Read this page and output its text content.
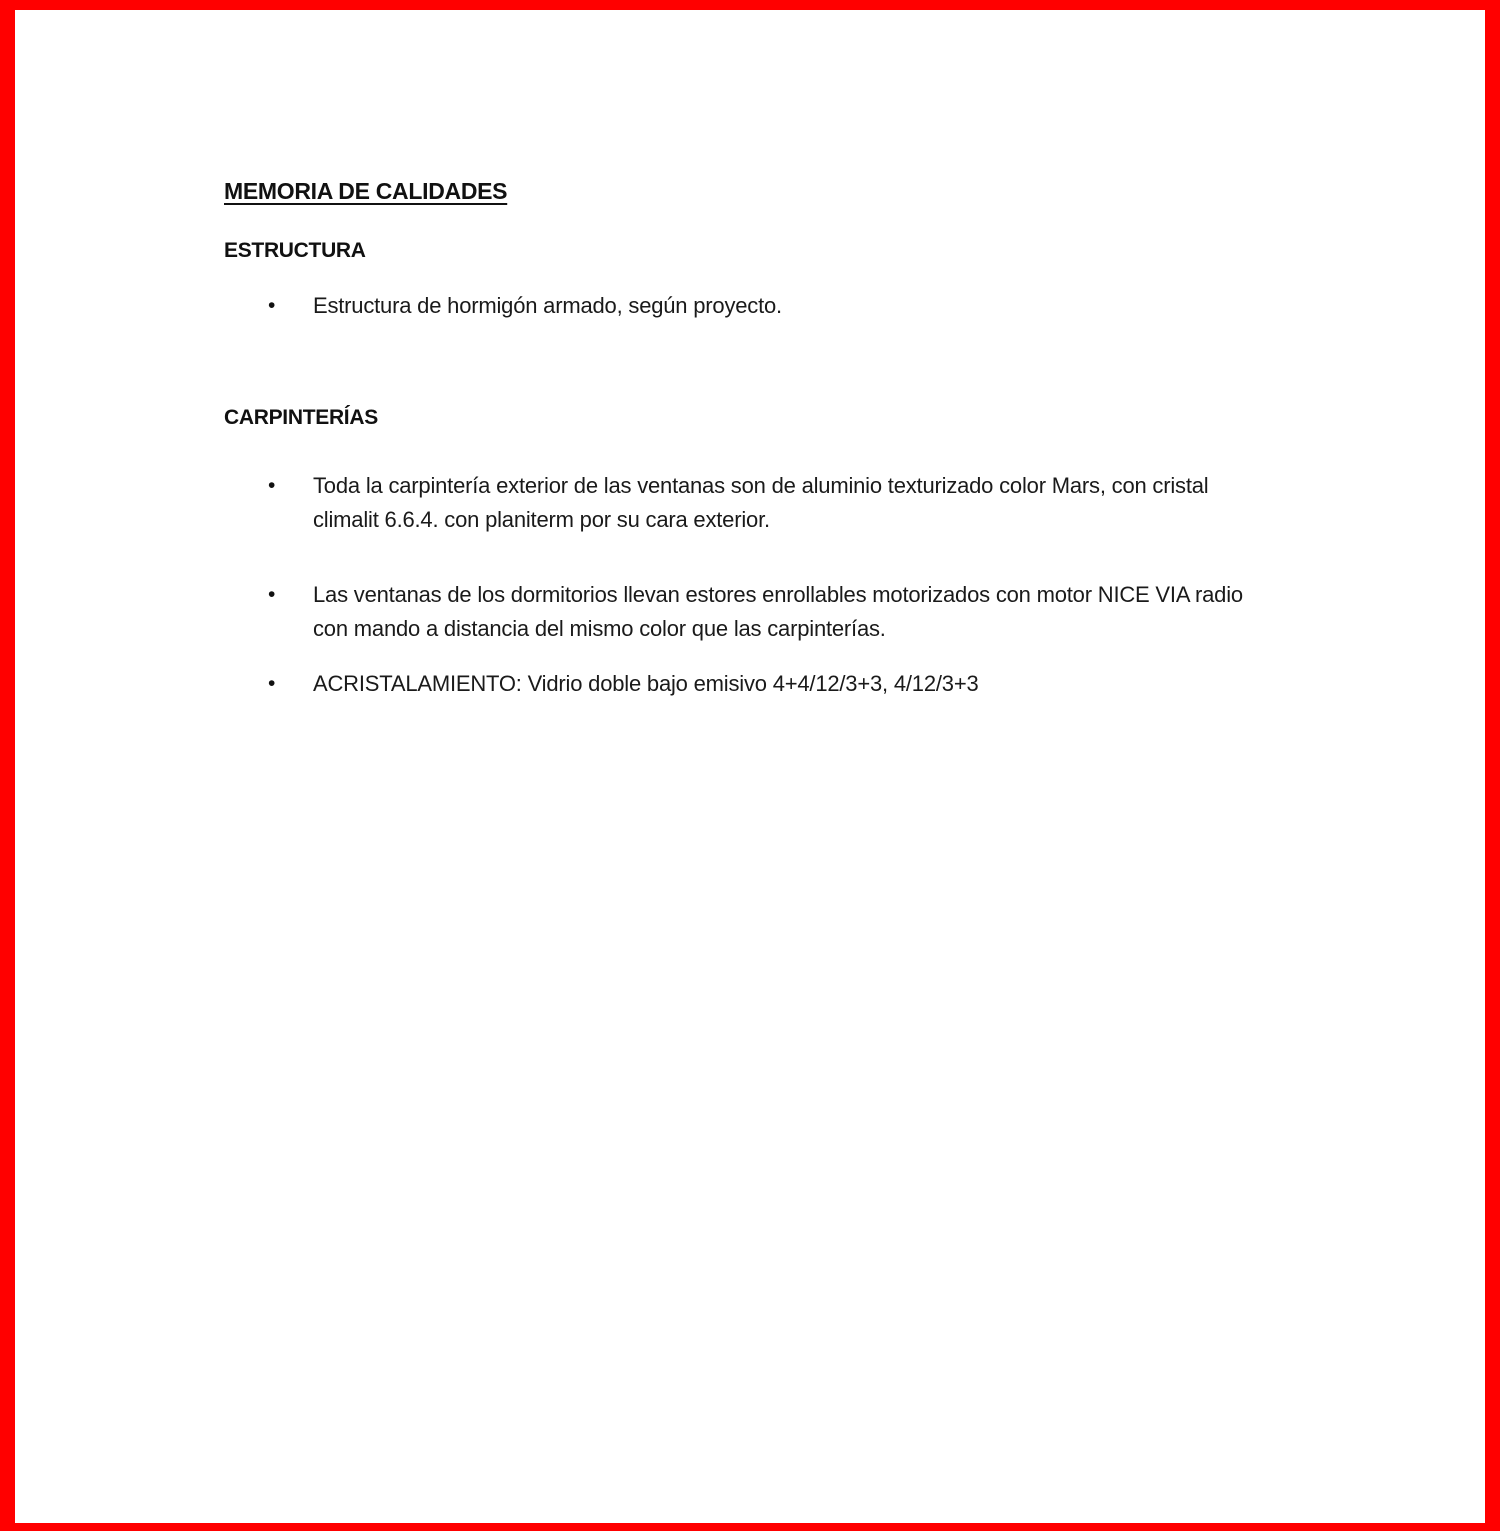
MEMORIA DE CALIDADES
ESTRUCTURA
• Estructura de hormigón armado, según proyecto.
CARPINTERÍAS
• Toda la carpintería exterior de las ventanas son de aluminio texturizado color Mars, con cristal climalit 6.6.4. con planiterm por su cara exterior.
• Las ventanas de los dormitorios llevan estores enrollables motorizados con motor NICE VIA radio con mando a distancia del mismo color que las carpinterías.
• ACRISTALAMIENTO: Vidrio doble bajo emisivo 4+4/12/3+3, 4/12/3+3
